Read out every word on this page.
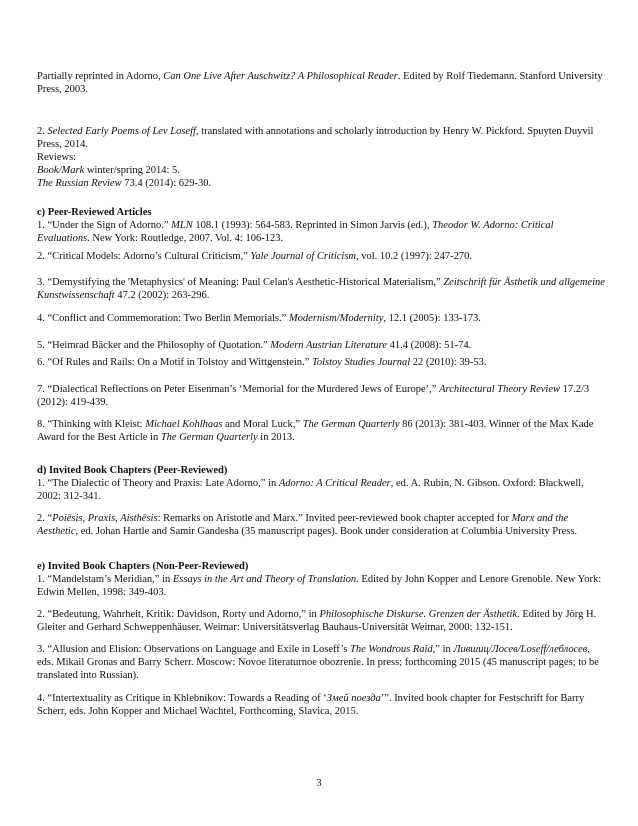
Partially reprinted in Adorno, Can One Live After Auschwitz? A Philosophical Reader. Edited by Rolf Tiedemann. Stanford University Press, 2003.

2. Selected Early Poems of Lev Loseff, translated with annotations and scholarly introduction by Henry W. Pickford. Spuyten Duyvil Press, 2014.

Reviews:

Book/Mark winter/spring 2014: 5.

The Russian Review 73.4 (2014): 629-30.

c) Peer-Reviewed Articles

1. “Under the Sign of Adorno.” MLN 108.1 (1993): 564-583. Reprinted in Simon Jarvis (ed.), Theodor W. Adorno: Critical Evaluations. New York: Routledge, 2007. Vol. 4: 106-123.

2. “Critical Models: Adorno’s Cultural Criticism,” Yale Journal of Criticism, vol. 10.2 (1997): 247-270.

3. “Demystifying the 'Metaphysics' of Meaning: Paul Celan's Aesthetic-Historical Materialism,” Zeitschrift für Ästhetik und allgemeine Kunstwissenschaft 47.2 (2002): 263-296.

4. “Conflict and Commemoration: Two Berlin Memorials.” Modernism/Modernity, 12.1 (2005): 133-173.

5. “Heimrad Bäcker and the Philosophy of Quotation.” Modern Austrian Literature 41.4 (2008): 51-74.

6. “Of Rules and Rails: On a Motif in Tolstoy and Wittgenstein.” Tolstoy Studies Journal 22 (2010): 39-53.

7. “Dialectical Reflections on Peter Eisenman’s ‘Memorial for the Murdered Jews of Europe’,” Architectural Theory Review 17.2/3 (2012): 419-439.

8. “Thinking with Kleist: Michael Kohlhaas and Moral Luck,” The German Quarterly 86 (2013): 381-403. Winner of the Max Kade Award for the Best Article in The German Quarterly in 2013.

d) Invited Book Chapters (Peer-Reviewed)

1. “The Dialectic of Theory and Praxis: Late Adorno,” in Adorno: A Critical Reader, ed. A. Rubin, N. Gibson. Oxford: Blackwell, 2002: 312-341.

2. “Poiēsis, Praxis, Aisthēsis: Remarks on Aristotle and Marx.” Invited peer-reviewed book chapter accepted for Marx and the Aesthetic, ed. Johan Hartle and Samir Gandesha (35 manuscript pages). Book under consideration at Columbia University Press.

e) Invited Book Chapters (Non-Peer-Reviewed)

1. “Mandelstam’s Meridian,” in Essays in the Art and Theory of Translation. Edited by John Kopper and Lenore Grenoble. New York: Edwin Mellen, 1998: 349-403.

2. “Bedeutung, Wahrheit, Kritik: Davidson, Rorty und Adorno,” in Philosophische Diskurse. Grenzen der Ästhetik. Edited by Jörg H. Gleiter and Gerhard Schweppenhäuser. Weimar: Universitätsverlag Bauhaus-Universität Weimar, 2000: 132-151.

3. “Allusion and Elision: Observations on Language and Exile in Loseff’s The Wondrous Raid,” in Лившиц/Лосев/Loseff/леблосев, eds. Mikail Gronas and Barry Scherr. Moscow: Novoe literaturnoe obozrenie. In press; forthcoming 2015 (45 manuscript pages; to be translated into Russian).

4. “Intertextuality as Critique in Khlebnikov: Towards a Reading of ‘Змей поезда’”. Invited book chapter for Festschrift for Barry Scherr, eds. John Kopper and Michael Wachtel, Forthcoming, Slavica, 2015.

3
